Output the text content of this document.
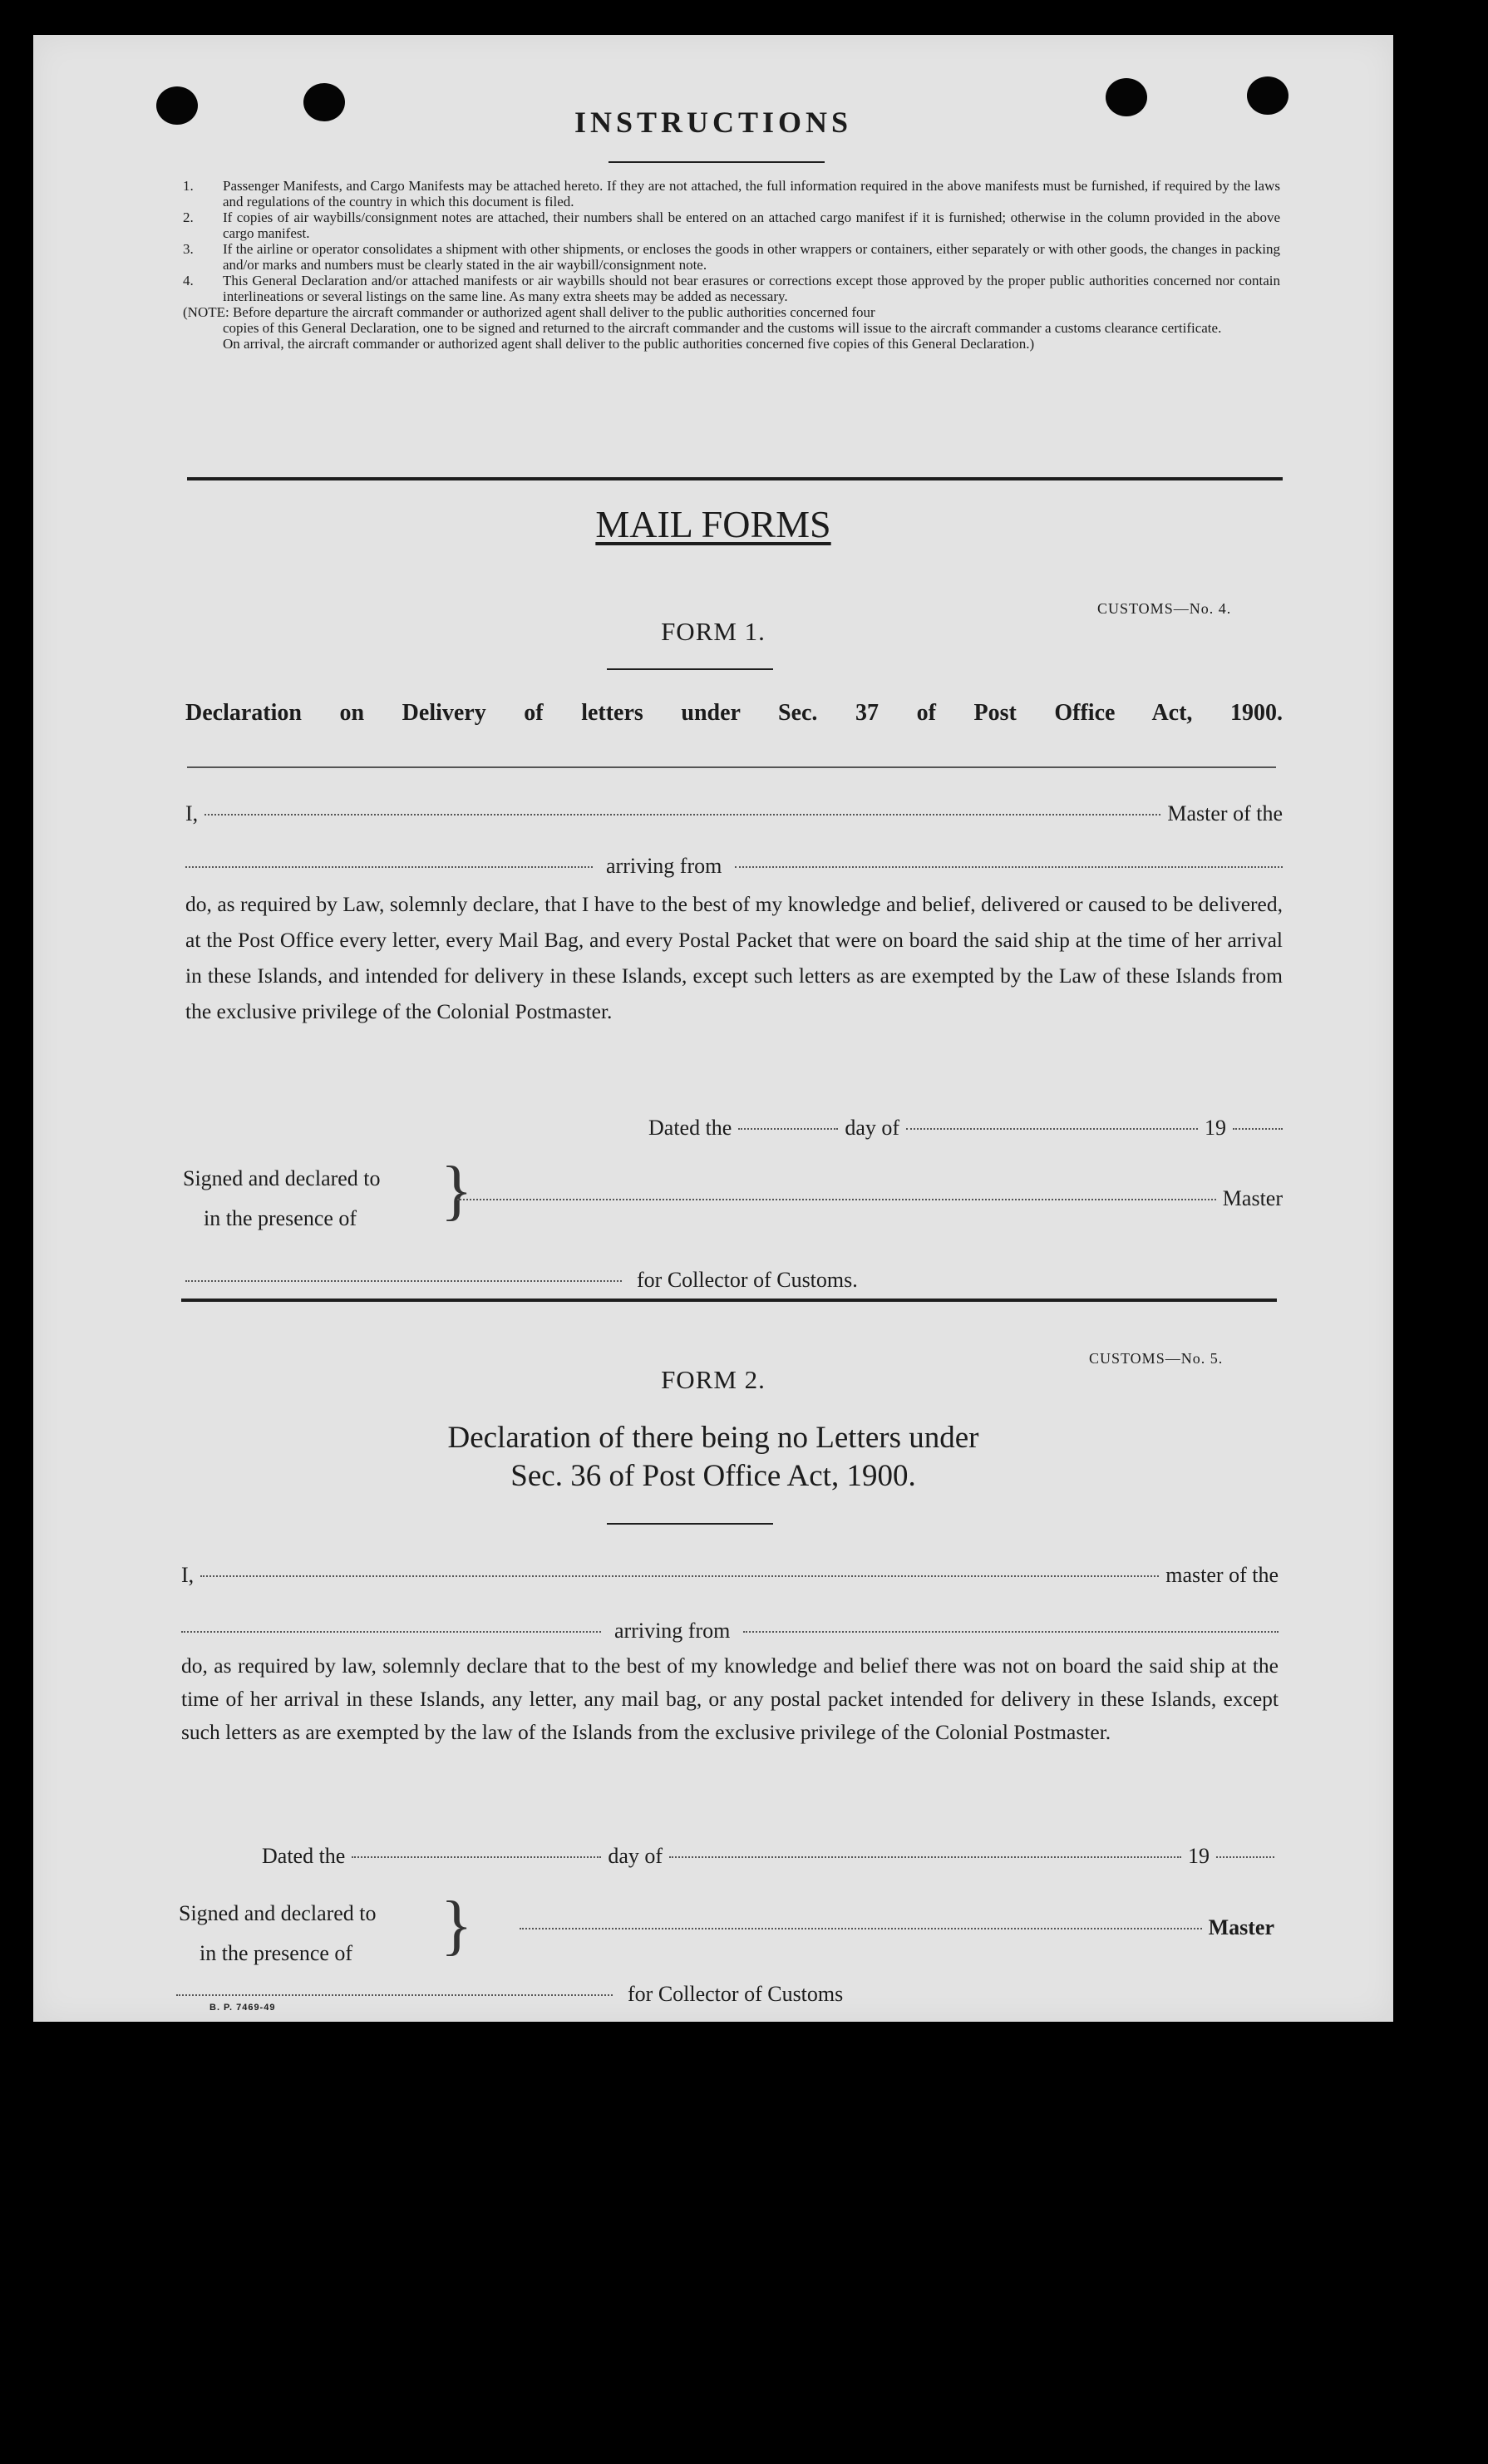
INSTRUCTIONS
1. Passenger Manifests, and Cargo Manifests may be attached hereto. If they are not attached, the full information required in the above manifests must be furnished, if required by the laws and regulations of the country in which this document is filed.
2. If copies of air waybills/consignment notes are attached, their numbers shall be entered on an attached cargo manifest if it is furnished; otherwise in the column provided in the above cargo manifest.
3. If the airline or operator consolidates a shipment with other shipments, or encloses the goods in other wrappers or containers, either separately or with other goods, the changes in packing and/or marks and numbers must be clearly stated in the air waybill/consignment note.
4. This General Declaration and/or attached manifests or air waybills should not bear erasures or corrections except those approved by the proper public authorities concerned nor contain interlineations or several listings on the same line. As many extra sheets may be added as necessary.
(NOTE: Before departure the aircraft commander or authorized agent shall deliver to the public authorities concerned four
copies of this General Declaration, one to be signed and returned to the aircraft commander and the customs will issue to the aircraft commander a customs clearance certificate.
On arrival, the aircraft commander or authorized agent shall deliver to the public authorities concerned five copies of this General Declaration.)
MAIL FORMS
CUSTOMS—No. 4.
FORM 1.
Declaration on Delivery of letters under Sec. 37 of Post Office Act, 1900.
I,	Master of the
arriving from
do, as required by Law, solemnly declare, that I have to the best of my knowledge and belief, delivered or caused to be delivered, at the Post Office every letter, every Mail Bag, and every Postal Packet that were on board the said ship at the time of her arrival in these Islands, and intended for delivery in these Islands, except such letters as are exempted by the Law of these Islands from the exclusive privilege of the Colonial Postmaster.
Dated the	day of	19
Signed and declared to
in the presence of	}	Master
for Collector of Customs.
CUSTOMS—No. 5.
FORM 2.
Declaration of there being no Letters under
Sec. 36 of Post Office Act, 1900.
I,	master of the
arriving from
do, as required by law, solemnly declare that to the best of my knowledge and belief there was not on board the said ship at the time of her arrival in these Islands, any letter, any mail bag, or any postal packet intended for delivery in these Islands, except such letters as are exempted by the law of the Islands from the exclusive privilege of the Colonial Postmaster.
Dated the	day of	19
Signed and declared to
in the presence of	}	Master
for Collector of Customs
B. P. 7469-49
